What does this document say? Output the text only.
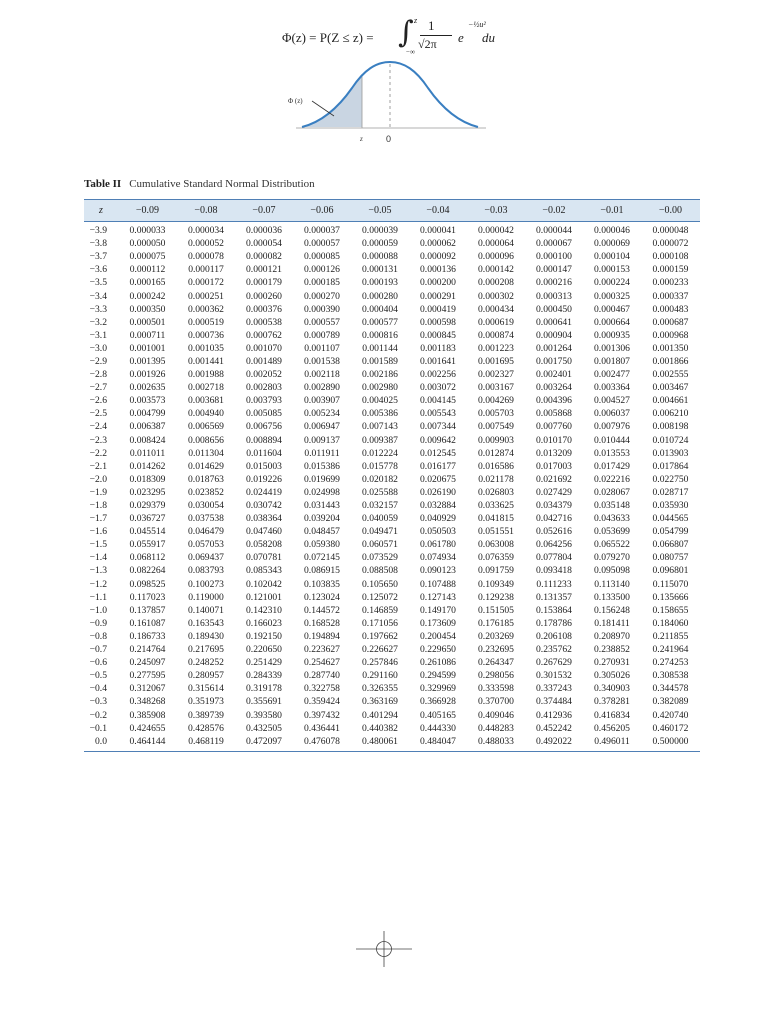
Φ(z) = P(Z ≤ z) = ∫ z
−∞
1
√2π e
−½u²
du
Φ (z)
z	0
Table II Cumulative Standard Normal Distribution
z	−0.09	−0.08	−0.07	−0.06	−0.05	−0.04	−0.03	−0.02	−0.01	−0.00
−3.9	0.000033	0.000034	0.000036	0.000037	0.000039	0.000041	0.000042	0.000044	0.000046	0.000048
−3.8	0.000050	0.000052	0.000054	0.000057	0.000059	0.000062	0.000064	0.000067	0.000069	0.000072
−3.7	0.000075	0.000078	0.000082	0.000085	0.000088	0.000092	0.000096	0.000100	0.000104	0.000108
−3.6	0.000112	0.000117	0.000121	0.000126	0.000131	0.000136	0.000142	0.000147	0.000153	0.000159
−3.5	0.000165	0.000172	0.000179	0.000185	0.000193	0.000200	0.000208	0.000216	0.000224	0.000233
−3.4	0.000242	0.000251	0.000260	0.000270	0.000280	0.000291	0.000302	0.000313	0.000325	0.000337
−3.3	0.000350	0.000362	0.000376	0.000390	0.000404	0.000419	0.000434	0.000450	0.000467	0.000483
−3.2	0.000501	0.000519	0.000538	0.000557	0.000577	0.000598	0.000619	0.000641	0.000664	0.000687
−3.1	0.000711	0.000736	0.000762	0.000789	0.000816	0.000845	0.000874	0.000904	0.000935	0.000968
−3.0	0.001001	0.001035	0.001070	0.001107	0.001144	0.001183	0.001223	0.001264	0.001306	0.001350
−2.9	0.001395	0.001441	0.001489	0.001538	0.001589	0.001641	0.001695	0.001750	0.001807	0.001866
−2.8	0.001926	0.001988	0.002052	0.002118	0.002186	0.002256	0.002327	0.002401	0.002477	0.002555
−2.7	0.002635	0.002718	0.002803	0.002890	0.002980	0.003072	0.003167	0.003264	0.003364	0.003467
−2.6	0.003573	0.003681	0.003793	0.003907	0.004025	0.004145	0.004269	0.004396	0.004527	0.004661
−2.5	0.004799	0.004940	0.005085	0.005234	0.005386	0.005543	0.005703	0.005868	0.006037	0.006210
−2.4	0.006387	0.006569	0.006756	0.006947	0.007143	0.007344	0.007549	0.007760	0.007976	0.008198
−2.3	0.008424	0.008656	0.008894	0.009137	0.009387	0.009642	0.009903	0.010170	0.010444	0.010724
−2.2	0.011011	0.011304	0.011604	0.011911	0.012224	0.012545	0.012874	0.013209	0.013553	0.013903
−2.1	0.014262	0.014629	0.015003	0.015386	0.015778	0.016177	0.016586	0.017003	0.017429	0.017864
−2.0	0.018309	0.018763	0.019226	0.019699	0.020182	0.020675	0.021178	0.021692	0.022216	0.022750
−1.9	0.023295	0.023852	0.024419	0.024998	0.025588	0.026190	0.026803	0.027429	0.028067	0.028717
−1.8	0.029379	0.030054	0.030742	0.031443	0.032157	0.032884	0.033625	0.034379	0.035148	0.035930
−1.7	0.036727	0.037538	0.038364	0.039204	0.040059	0.040929	0.041815	0.042716	0.043633	0.044565
−1.6	0.045514	0.046479	0.047460	0.048457	0.049471	0.050503	0.051551	0.052616	0.053699	0.054799
−1.5	0.055917	0.057053	0.058208	0.059380	0.060571	0.061780	0.063008	0.064256	0.065522	0.066807
−1.4	0.068112	0.069437	0.070781	0.072145	0.073529	0.074934	0.076359	0.077804	0.079270	0.080757
−1.3	0.082264	0.083793	0.085343	0.086915	0.088508	0.090123	0.091759	0.093418	0.095098	0.096801
−1.2	0.098525	0.100273	0.102042	0.103835	0.105650	0.107488	0.109349	0.111233	0.113140	0.115070
−1.1	0.117023	0.119000	0.121001	0.123024	0.125072	0.127143	0.129238	0.131357	0.133500	0.135666
−1.0	0.137857	0.140071	0.142310	0.144572	0.146859	0.149170	0.151505	0.153864	0.156248	0.158655
−0.9	0.161087	0.163543	0.166023	0.168528	0.171056	0.173609	0.176185	0.178786	0.181411	0.184060
−0.8	0.186733	0.189430	0.192150	0.194894	0.197662	0.200454	0.203269	0.206108	0.208970	0.211855
−0.7	0.214764	0.217695	0.220650	0.223627	0.226627	0.229650	0.232695	0.235762	0.238852	0.241964
−0.6	0.245097	0.248252	0.251429	0.254627	0.257846	0.261086	0.264347	0.267629	0.270931	0.274253
−0.5	0.277595	0.280957	0.284339	0.287740	0.291160	0.294599	0.298056	0.301532	0.305026	0.308538
−0.4	0.312067	0.315614	0.319178	0.322758	0.326355	0.329969	0.333598	0.337243	0.340903	0.344578
−0.3	0.348268	0.351973	0.355691	0.359424	0.363169	0.366928	0.370700	0.374484	0.378281	0.382089
−0.2	0.385908	0.389739	0.393580	0.397432	0.401294	0.405165	0.409046	0.412936	0.416834	0.420740
−0.1	0.424655	0.428576	0.432505	0.436441	0.440382	0.444330	0.448283	0.452242	0.456205	0.460172
0.0	0.464144	0.468119	0.472097	0.476078	0.480061	0.484047	0.488033	0.492022	0.496011	0.500000
